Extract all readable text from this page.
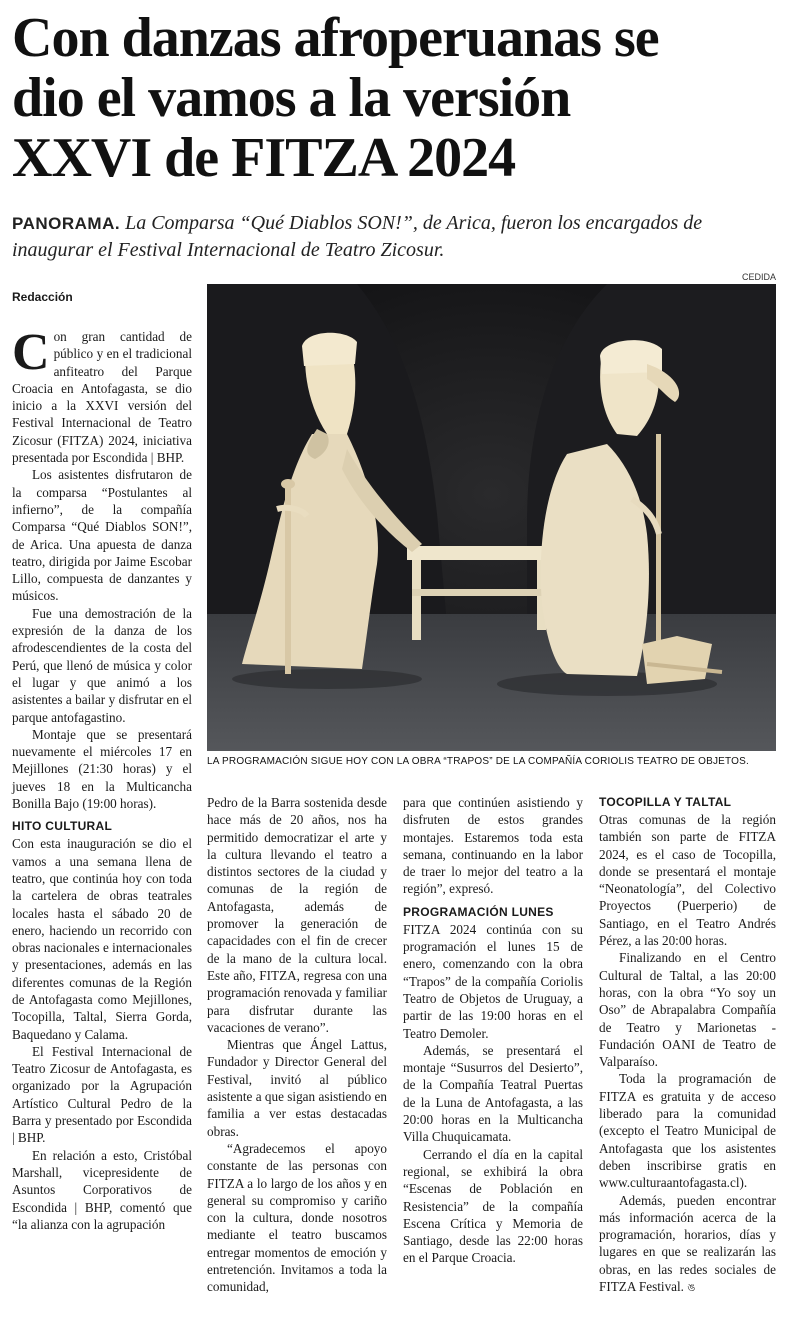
Con danzas afroperuanas se
dio el vamos a la versión
XXVI de FITZA 2024
PANORAMA. La Comparsa “Qué Diablos SON!”, de Arica, fueron los encargados de inaugurar el Festival Internacional de Teatro Zicosur.
CEDIDA
Redacción
LA PROGRAMACIÓN SIGUE HOY CON LA OBRA “TRAPOS” DE LA COMPAÑÍA CORIOLIS TEATRO DE OBJETOS.

Con gran cantidad de público y en el tradicional anfiteatro del Parque Croacia en Antofagasta, se dio inicio a la XXVI versión del Festival Internacional de Teatro Zicosur (FITZA) 2024, iniciativa presentada por Escondida | BHP.

Los asistentes disfrutaron de la comparsa “Postulantes al infierno”, de la compañía Comparsa “Qué Diablos SON!”, de Arica. Una apuesta de danza teatro, dirigida por Jaime Escobar Lillo, compuesta de danzantes y músicos.

Fue una demostración de la expresión de la danza de los afrodescendientes de la costa del Perú, que llenó de música y color el lugar y que animó a los asistentes a bailar y disfrutar en el parque antofagastino.

Montaje que se presentará nuevamente el miércoles 17 en Mejillones (21:30 horas) y el jueves 18 en la Multicancha Bonilla Bajo (19:00 horas).

HITO CULTURAL

Con esta inauguración se dio el vamos a una semana llena de teatro, que continúa hoy con toda la cartelera de obras teatrales locales hasta el sábado 20 de enero, haciendo un recorrido con obras nacionales e internacionales y presentaciones, además en las diferentes comunas de la Región de Antofagasta como Mejillones, Tocopilla, Taltal, Sierra Gorda, Baquedano y Calama.

El Festival Internacional de Teatro Zicosur de Antofagasta, es organizado por la Agrupación Artístico Cultural Pedro de la Barra y presentado por Escondida | BHP.

En relación a esto, Cristóbal Marshall, vicepresidente de Asuntos Corporativos de Escondida | BHP, comentó que “la alianza con la agrupación

Pedro de la Barra sostenida desde hace más de 20 años, nos ha permitido democratizar el arte y la cultura llevando el teatro a distintos sectores de la ciudad y comunas de la región de Antofagasta, además de promover la generación de capacidades con el fin de crecer de la mano de la cultura local. Este año, FITZA, regresa con una programación renovada y familiar para disfrutar durante las vacaciones de verano”.

Mientras que Ángel Lattus, Fundador y Director General del Festival, invitó al público asistente a que sigan asistiendo en familia a ver estas destacadas obras.

“Agradecemos el apoyo constante de las personas con FITZA a lo largo de los años y en general su compromiso y cariño con la cultura, donde nosotros mediante el teatro buscamos entregar momentos de emoción y entretención. Invitamos a toda la comunidad,

para que continúen asistiendo y disfruten de estos grandes montajes. Estaremos toda esta semana, continuando en la labor de traer lo mejor del teatro a la región”, expresó.

PROGRAMACIÓN LUNES

FITZA 2024 continúa con su programación el lunes 15 de enero, comenzando con la obra “Trapos” de la compañía Coriolis Teatro de Objetos de Uruguay, a partir de las 19:00 horas en el Teatro Demoler.

Además, se presentará el montaje “Susurros del Desierto”, de la Compañía Teatral Puertas de la Luna de Antofagasta, a las 20:00 horas en la Multicancha Villa Chuquicamata.

Cerrando el día en la capital regional, se exhibirá la obra “Escenas de Población en Resistencia” de la compañía Escena Crítica y Memoria de Santiago, desde las 22:00 horas en el Parque Croacia.

TOCOPILLA Y TALTAL

Otras comunas de la región también son parte de FITZA 2024, es el caso de Tocopilla, donde se presentará el montaje “Neonatología”, del Colectivo Proyectos (Puerperio) de Santiago, en el Teatro Andrés Pérez, a las 20:00 horas.

Finalizando en el Centro Cultural de Taltal, a las 20:00 horas, con la obra “Yo soy un Oso” de Abrapalabra Compañía de Teatro y Marionetas - Fundación OANI de Teatro de Valparaíso.

Toda la programación de FITZA es gratuita y de acceso liberado para la comunidad (excepto el Teatro Municipal de Antofagasta que los asistentes deben inscribirse gratis en www.culturaantofagasta.cl).

Además, pueden encontrar más información acerca de la programación, horarios, días y lugares en que se realizarán las obras, en las redes sociales de FITZA Festival. ঙ
